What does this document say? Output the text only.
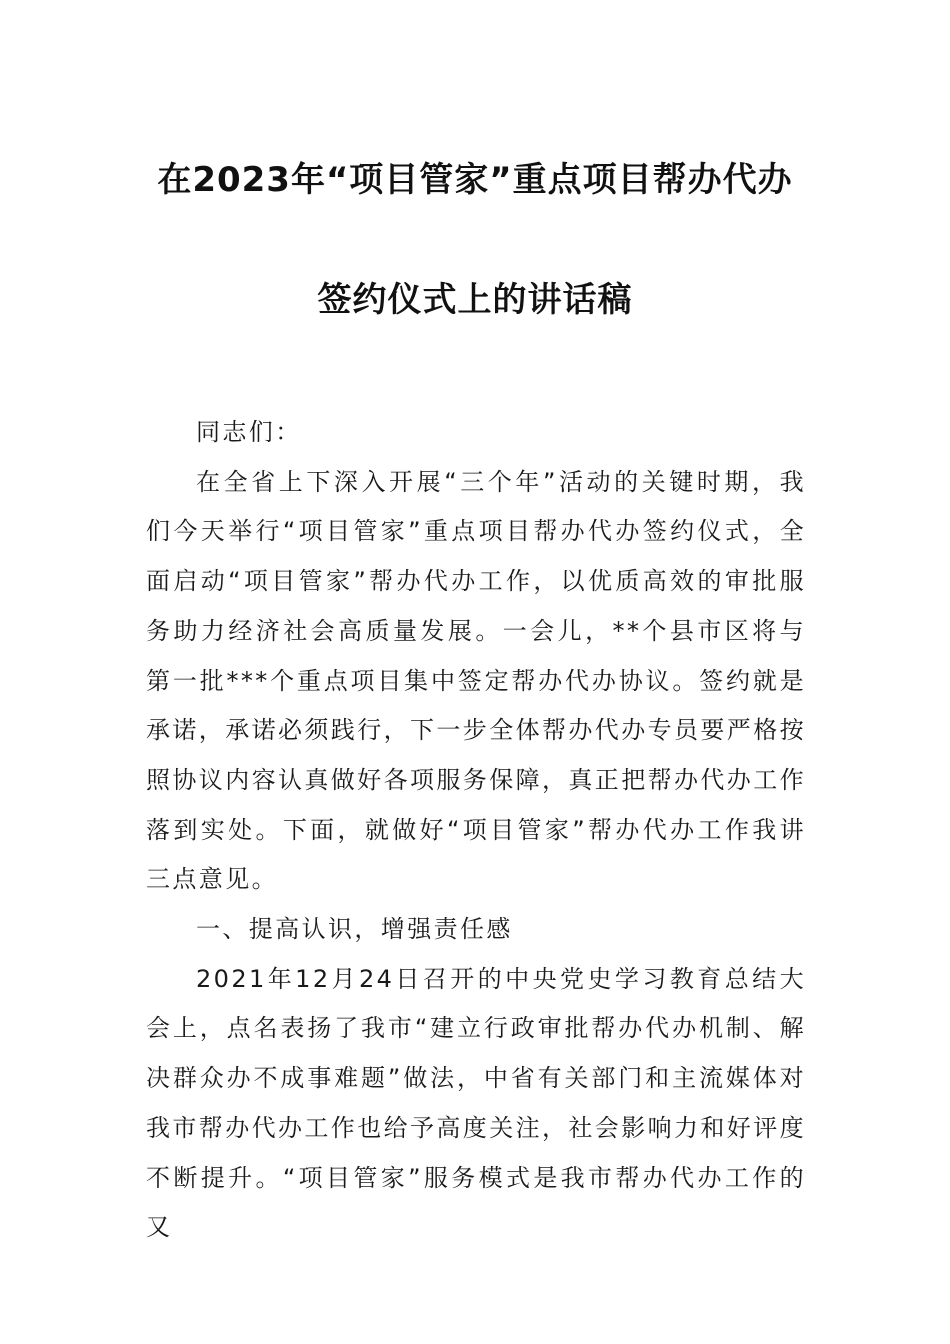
在2023年“项目管家”重点项目帮办代办
签约仪式上的讲话稿

同志们：

在全省上下深入开展“三个年”活动的关键时期，我们今天举行“项目管家”重点项目帮办代办签约仪式，全面启动“项目管家”帮办代办工作，以优质高效的审批服务助力经济社会高质量发展。一会儿，**个县市区将与第一批***个重点项目集中签定帮办代办协议。签约就是承诺，承诺必须践行，下一步全体帮办代办专员要严格按照协议内容认真做好各项服务保障，真正把帮办代办工作落到实处。下面，就做好“项目管家”帮办代办工作我讲三点意见。

一、提高认识，增强责任感

2021年12月24日召开的中央党史学习教育总结大会上，点名表扬了我市“建立行政审批帮办代办机制、解决群众办不成事难题”做法，中省有关部门和主流媒体对我市帮办代办工作也给予高度关注，社会影响力和好评度不断提升。“项目管家”服务模式是我市帮办代办工作的又
